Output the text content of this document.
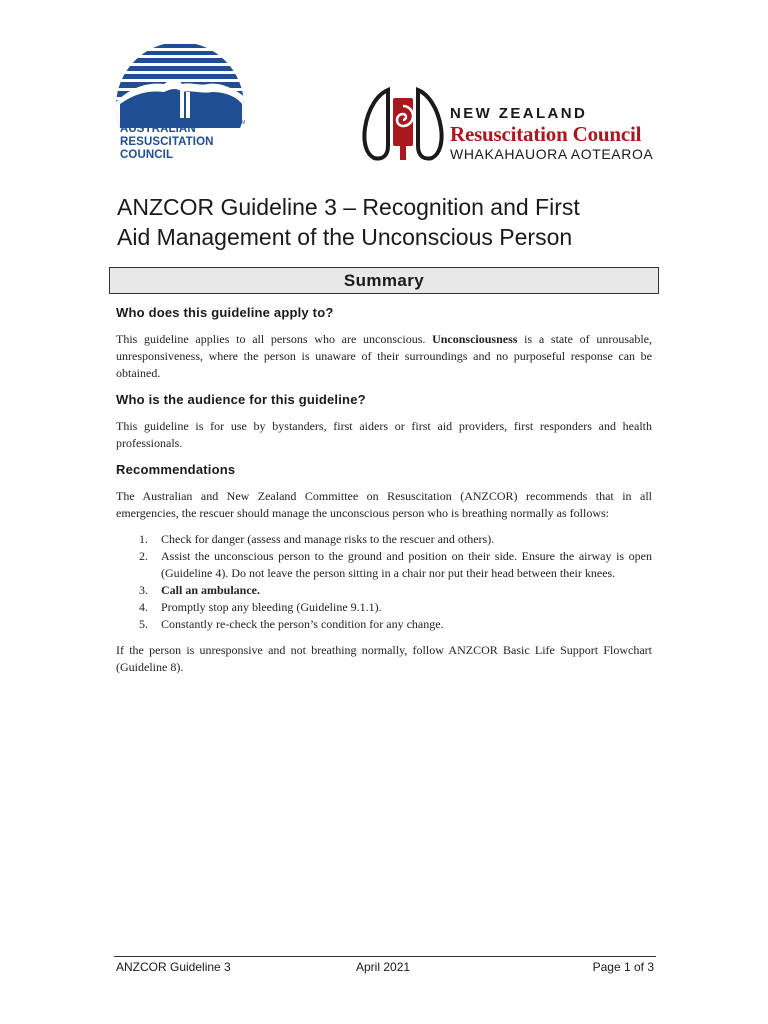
TM
AUSTRALIAN
RESUSCITATION
COUNCIL
NEW ZEALAND
Resuscitation Council
WHAKAHAUORA AOTEAROA
ANZCOR Guideline 3 – Recognition and First
Aid Management of the Unconscious Person
Summary
Who does this guideline apply to?

This guideline applies to all persons who are unconscious. Unconsciousness is a state of unrousable, unresponsiveness, where the person is unaware of their surroundings and no purposeful response can be obtained.

Who is the audience for this guideline?

This guideline is for use by bystanders, first aiders or first aid providers, first responders and health professionals.

Recommendations

The Australian and New Zealand Committee on Resuscitation (ANZCOR) recommends that in all emergencies, the rescuer should manage the unconscious person who is breathing normally as follows:

1.	Check for danger (assess and manage risks to the rescuer and others).
2.	Assist the unconscious person to the ground and position on their side. Ensure the airway is open (Guideline 4). Do not leave the person sitting in a chair nor put their head between their knees.
3.	Call an ambulance.
4.	Promptly stop any bleeding (Guideline 9.1.1).
5.	Constantly re-check the person’s condition for any change.

If the person is unresponsive and not breathing normally, follow ANZCOR Basic Life Support Flowchart (Guideline 8).

ANZCOR Guideline 3	April 2021	Page 1 of 3
